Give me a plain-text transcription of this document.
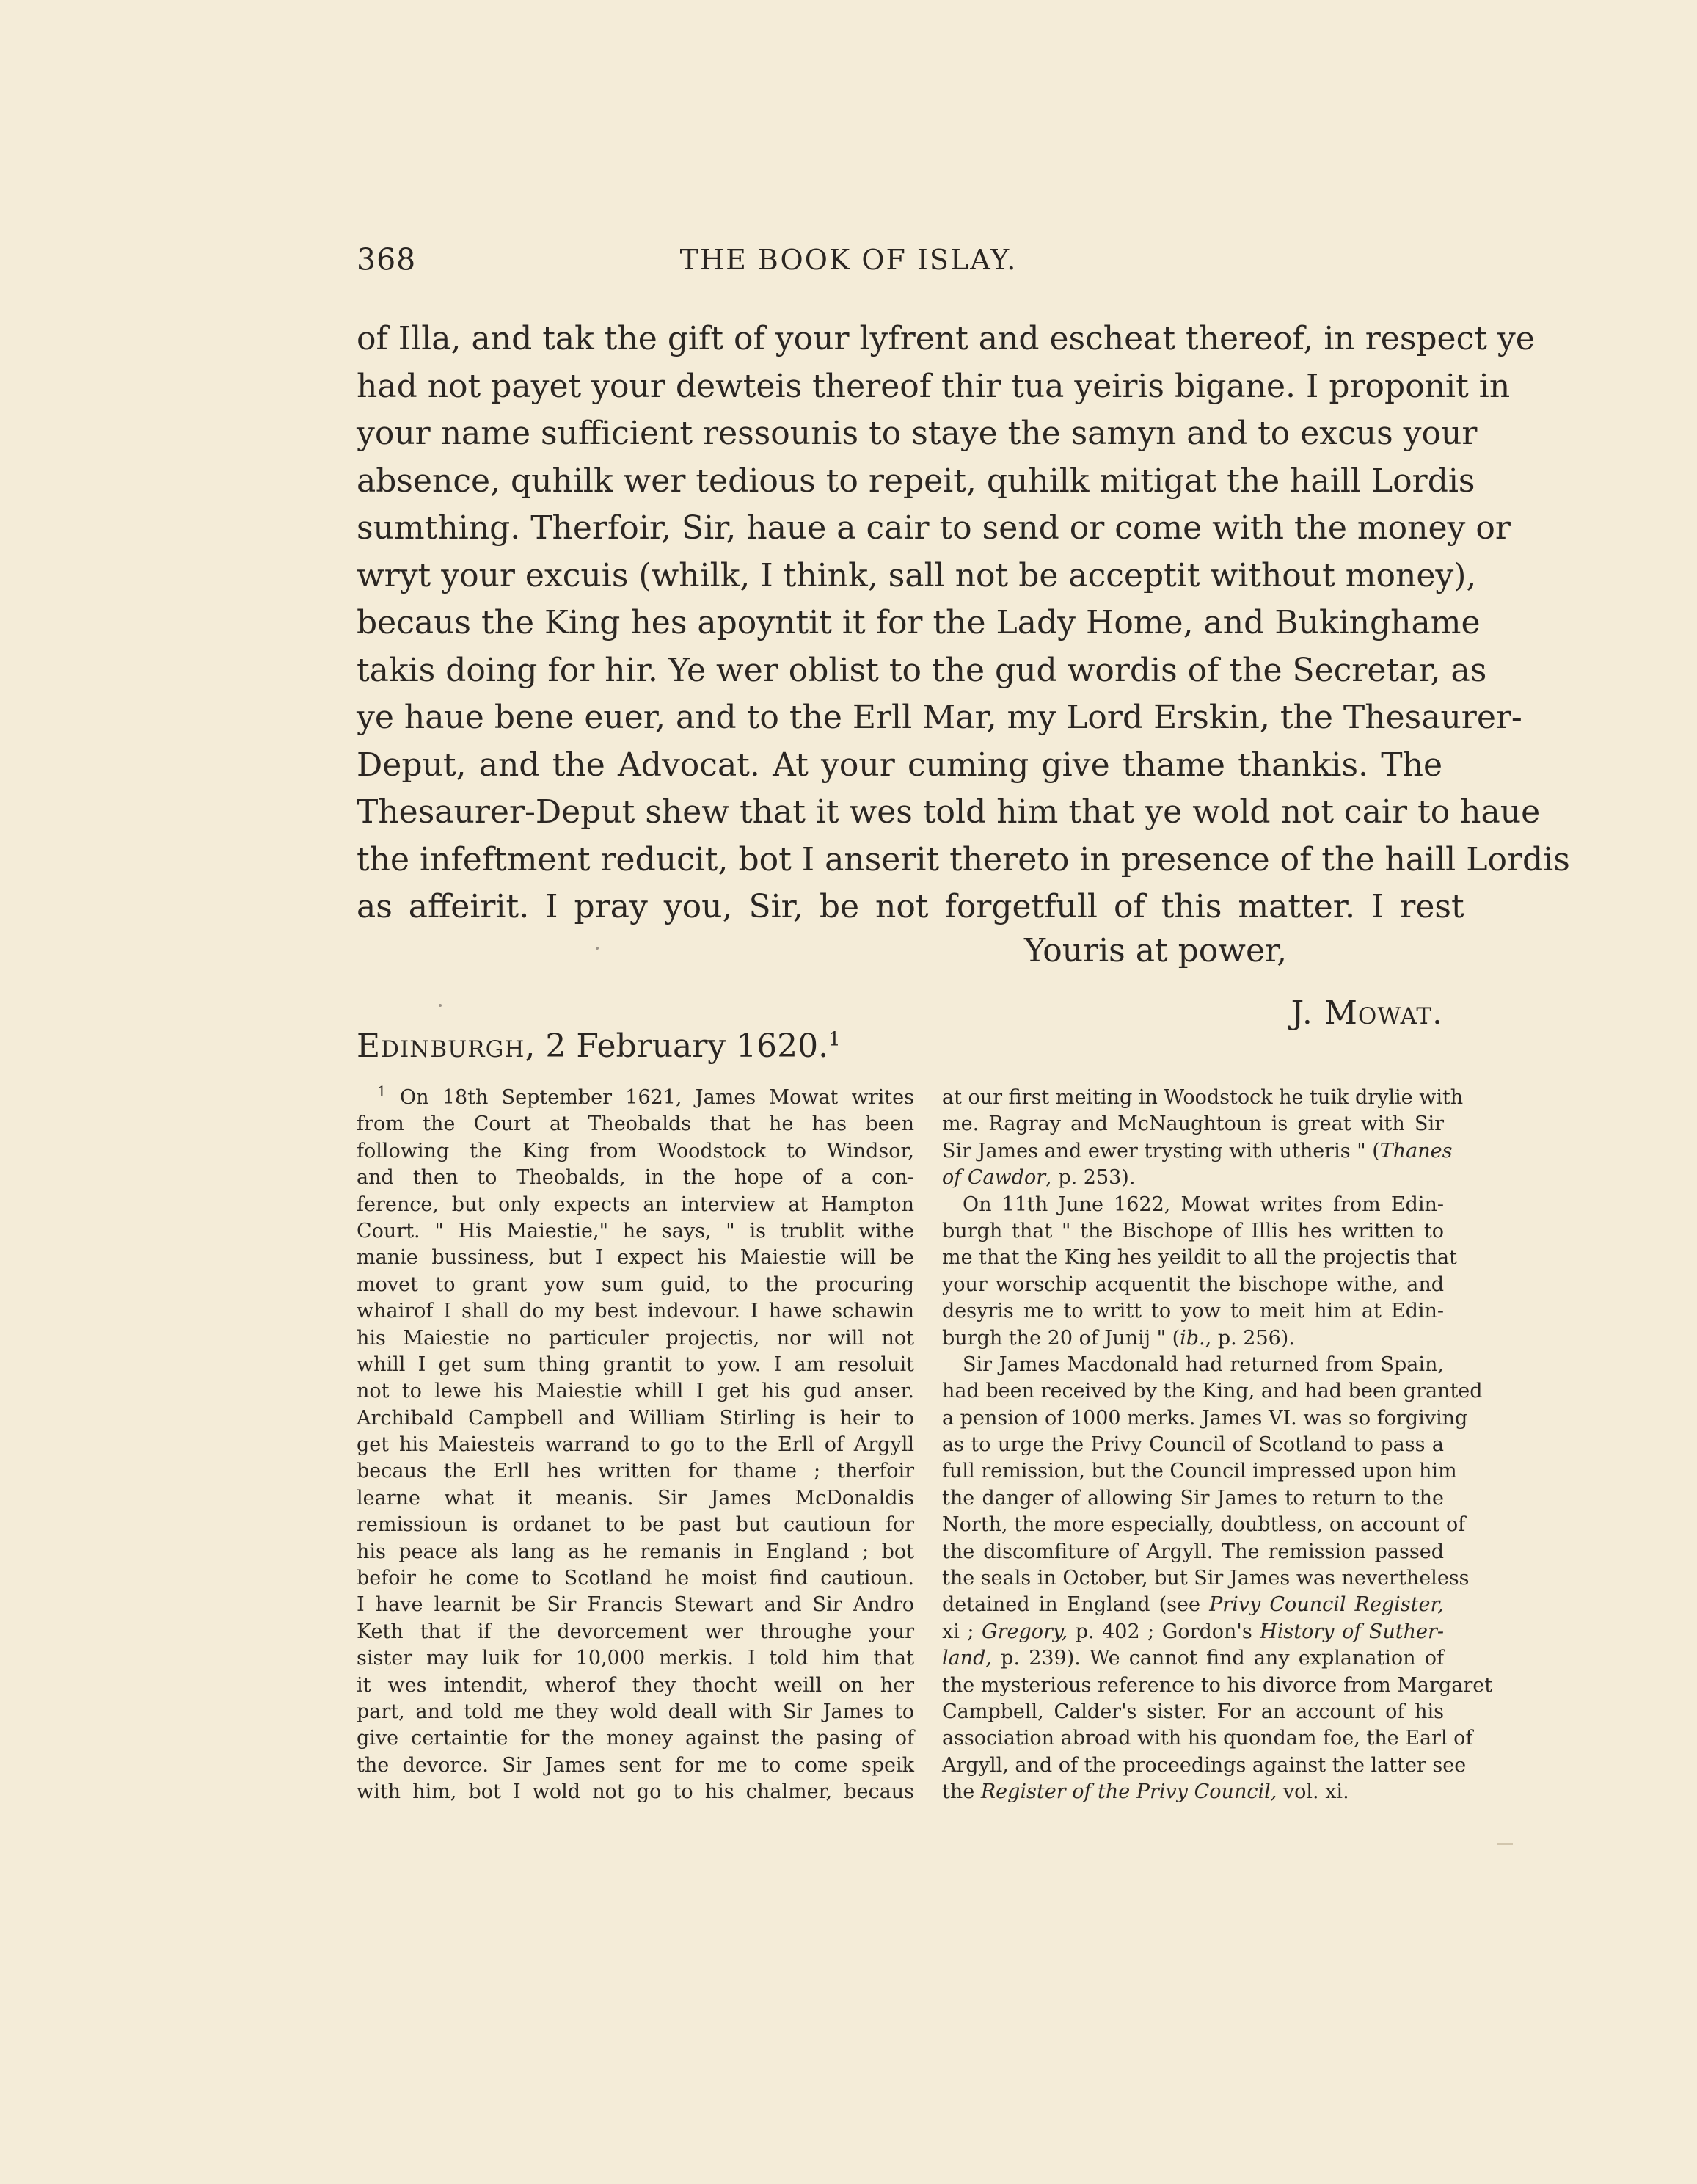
368	THE BOOK OF ISLAY.
of Illa, and tak the gift of your lyfrent and escheat thereof, in respect ye
had not payet your dewteis thereof thir tua yeiris bigane. I proponit in
your name sufficient ressounis to staye the samyn and to excus your
absence, quhilk wer tedious to repeit, quhilk mitigat the haill Lordis
sumthing. Therfoir, Sir, haue a cair to send or come with the money or
wryt your excuis (whilk, I think, sall not be acceptit without money),
becaus the King hes apoyntit it for the Lady Home, and Bukinghame
takis doing for hir. Ye wer oblist to the gud wordis of the Secretar, as
ye haue bene euer, and to the Erll Mar, my Lord Erskin, the Thesaurer-
Deput, and the Advocat. At your cuming give thame thankis. The
Thesaurer-Deput shew that it wes told him that ye wold not cair to haue
the infeftment reducit, bot I anserit thereto in presence of the haill Lordis
as affeirit. I pray you, Sir, be not forgetfull of this matter. I rest
Youris at power,
J. Mowat.
Edinburgh, 2 February 1620.$^1$
$^1$ On 18th September 1621, James Mowat writes
from the Court at Theobalds that he has been
following the King from Woodstock to Windsor,
and then to Theobalds, in the hope of a con-
ference, but only expects an interview at Hampton
Court. " His Maiestie," he says, " is trublit withe
manie bussiness, but I expect his Maiestie will be
movet to grant yow sum guid, to the procuring
whairof I shall do my best indevour. I hawe schawin
his Maiestie no particuler projectis, nor will not
whill I get sum thing grantit to yow. I am resoluit
not to lewe his Maiestie whill I get his gud anser.
Archibald Campbell and William Stirling is heir to
get his Maiesteis warrand to go to the Erll of Argyll
becaus the Erll hes written for thame ; therfoir
learne what it meanis. Sir James McDonaldis
remissioun is ordanet to be past but cautioun for
his peace als lang as he remanis in England ; bot
befoir he come to Scotland he moist find cautioun.
I have learnit be Sir Francis Stewart and Sir Andro
Keth that if the devorcement wer throughe your
sister may luik for 10,000 merkis. I told him that
it wes intendit, wherof they thocht weill on her
part, and told me they wold deall with Sir James to
give certaintie for the money against the pasing of
the devorce. Sir James sent for me to come speik
with him, bot I wold not go to his chalmer, becaus
at our first meiting in Woodstock he tuik drylie with
me. Ragray and McNaughtoun is great with Sir
Sir James and ewer trysting with utheris " (Thanes
of Cawdor, p. 253).
On 11th June 1622, Mowat writes from Edin-
burgh that " the Bischope of Illis hes written to
me that the King hes yeildit to all the projectis that
your worschip acquentit the bischope withe, and
desyris me to writt to yow to meit him at Edin-
burgh the 20 of Junij " (ib., p. 256).
Sir James Macdonald had returned from Spain,
had been received by the King, and had been granted
a pension of 1000 merks. James VI. was so forgiving
as to urge the Privy Council of Scotland to pass a
full remission, but the Council impressed upon him
the danger of allowing Sir James to return to the
North, the more especially, doubtless, on account of
the discomfiture of Argyll. The remission passed
the seals in October, but Sir James was nevertheless
detained in England (see Privy Council Register,
xi ; Gregory, p. 402 ; Gordon's History of Suther-
land, p. 239). We cannot find any explanation of
the mysterious reference to his divorce from Margaret
Campbell, Calder's sister. For an account of his
association abroad with his quondam foe, the Earl of
Argyll, and of the proceedings against the latter see
the Register of the Privy Council, vol. xi.
